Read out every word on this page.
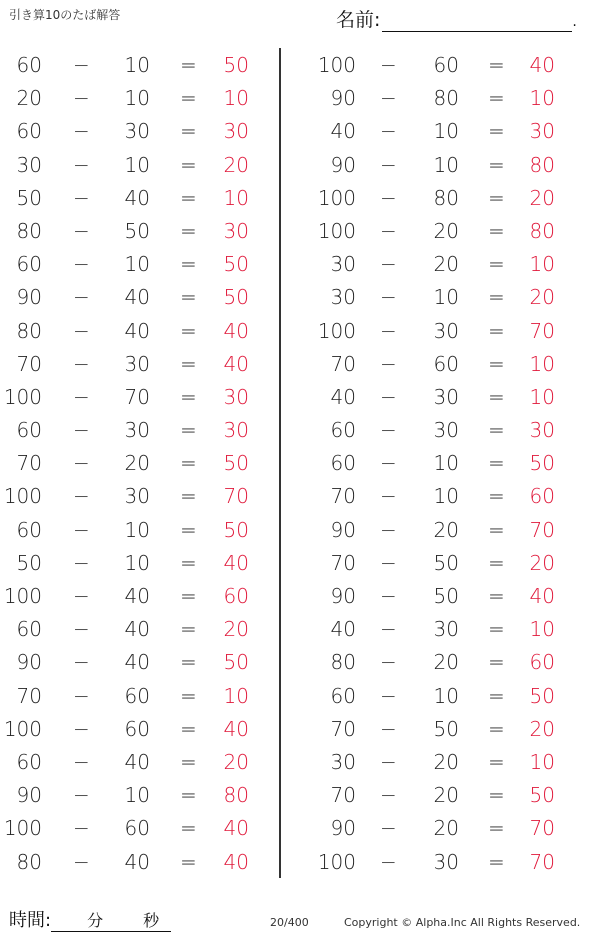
引き算10のたば解答	名前:	.
60 −	10 =	50
20 −	10 =	10
60 −	30 =	30
30 −	10 =	20
50 −	40 =	10
80 −	50 =	30
60 −	10 =	50
90 −	40 =	50
80 −	40 =	40
70 −	30 =	40
100 −	70 =	30
60 −	30 =	30
70 −	20 =	50
100 −	30 =	70
60 −	10 =	50
50 −	10 =	40
100 −	40 =	60
60 −	40 =	20
90 −	40 =	50
70 −	60 =	10
100 −	60 =	40
60 −	40 =	20
90 −	10 =	80
100 −	60 =	40
80 −	40 =	40
100 −	60 =	40
90 −	80 =	10
40 −	10 =	30
90 −	10 =	80
100 −	80 =	20
100 −	20 =	80
30 −	20 =	10
30 −	10 =	20
100 −	30 =	70
70 −	60 =	10
40 −	30 =	10
60 −	30 =	30
60 −	10 =	50
70 −	10 =	60
90 −	20 =	70
70 −	50 =	20
90 −	50 =	40
40 −	30 =	10
80 −	20 =	60
60 −	10 =	50
70 −	50 =	20
30 −	20 =	10
70 −	20 =	50
90 −	20 =	70
100 −	30 =	70
時間: 分 秒	20/400	Copyright © Alpha.Inc All Rights Reserved.
